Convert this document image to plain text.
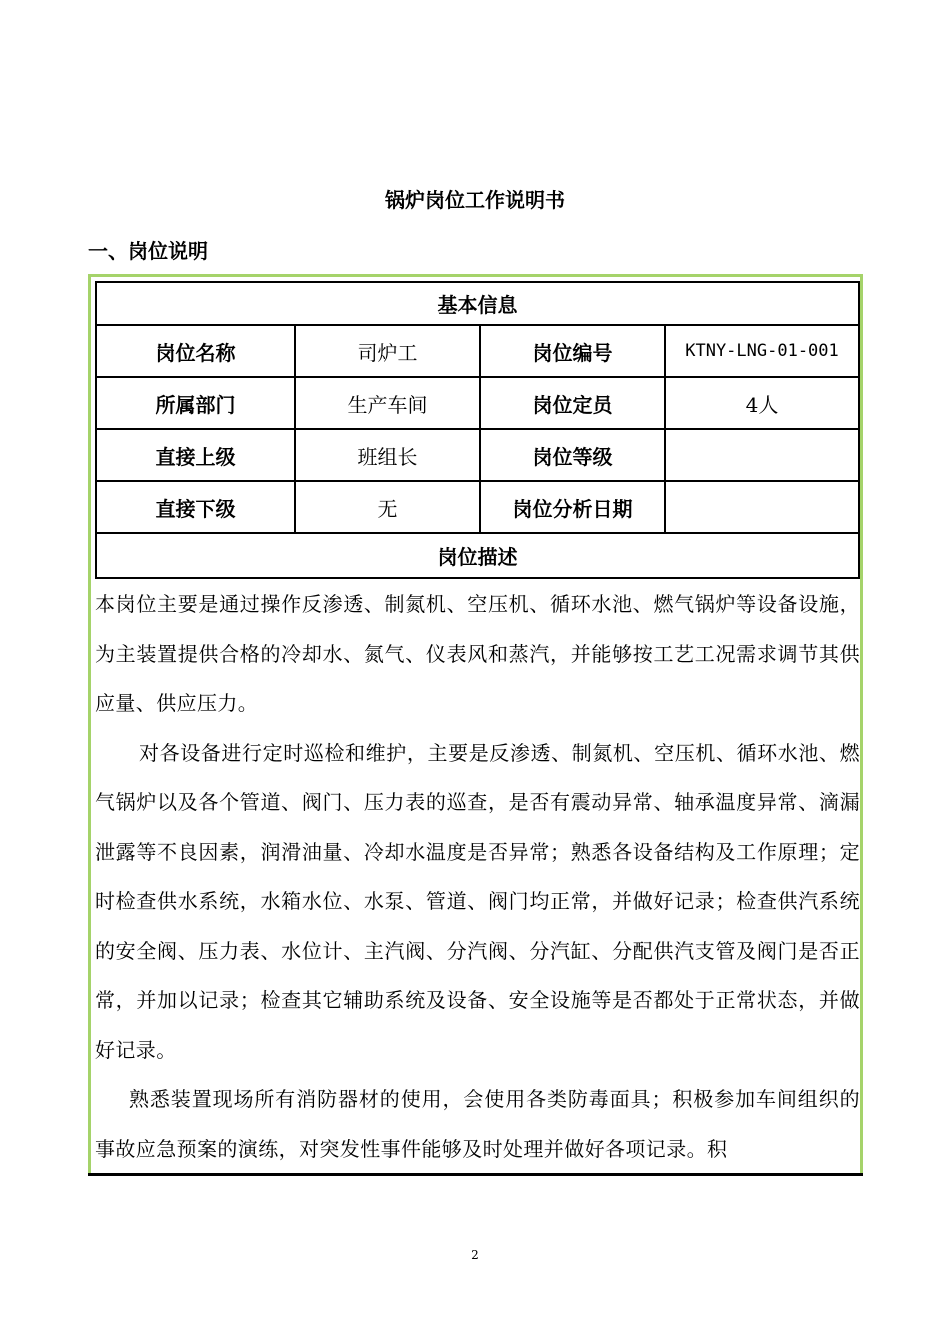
锅炉岗位工作说明书
一、岗位说明
基本信息			
岗位名称	司炉工	岗位编号	KTNY-LNG-01-001
所属部门	生产车间	岗位定员	4人
直接上级	班组长	岗位等级	
直接下级	无	岗位分析日期	
岗位描述			

本岗位主要是通过操作反渗透、制氮机、空压机、循环水池、燃气锅炉等设备设施，为主装置提供合格的冷却水、氮气、仪表风和蒸汽，并能够按工艺工况需求调节其供应量、供应压力。

对各设备进行定时巡检和维护，主要是反渗透、制氮机、空压机、循环水池、燃气锅炉以及各个管道、阀门、压力表的巡查，是否有震动异常、轴承温度异常、滴漏泄露等不良因素，润滑油量、冷却水温度是否异常；熟悉各设备结构及工作原理；定时检查供水系统，水箱水位、水泵、管道、阀门均正常，并做好记录；检查供汽系统的安全阀、压力表、水位计、主汽阀、分汽阀、分汽缸、分配供汽支管及阀门是否正常，并加以记录；检查其它辅助系统及设备、安全设施等是否都处于正常状态，并做好记录。

熟悉装置现场所有消防器材的使用，会使用各类防毒面具；积极参加车间组织的事故应急预案的演练，对突发性事件能够及时处理并做好各项记录。积

2
